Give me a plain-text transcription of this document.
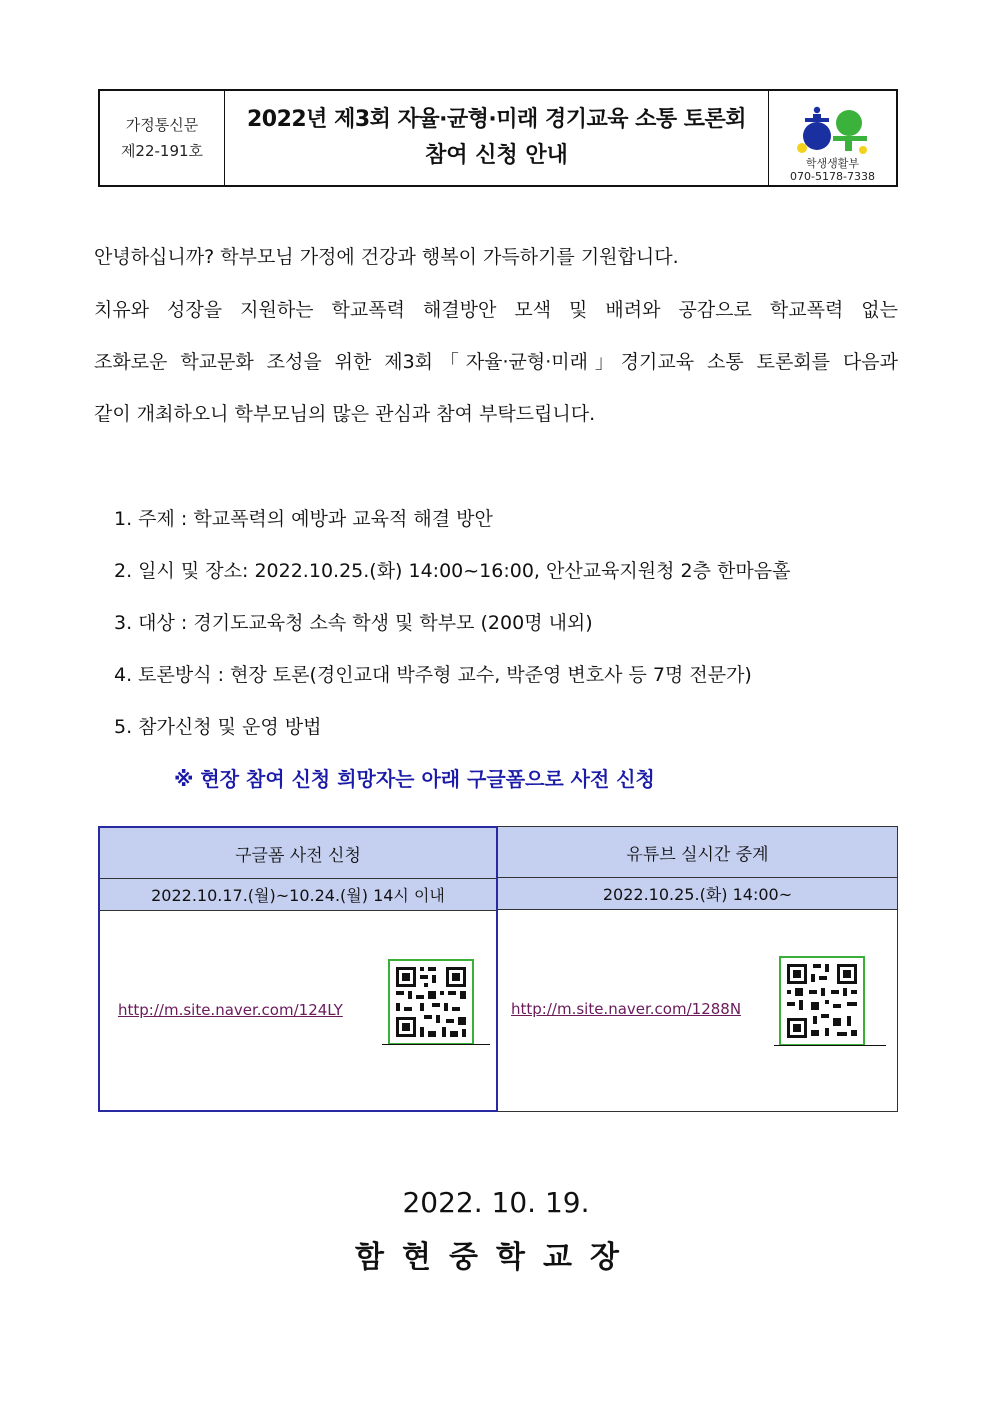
가정통신문
제22-191호
2022년 제3회 자율·균형·미래 경기교육 소통 토론회
참여 신청 안내	학생생활부
070-5178-7338
안녕하십니까? 학부모님 가정에 건강과 행복이 가득하기를 기원합니다.
치유와 성장을 지원하는 학교폭력 해결방안 모색 및 배려와 공감으로 학교폭력 없는
조화로운 학교문화 조성을 위한 제3회「자율·균형·미래」경기교육 소통 토론회를 다음과
같이 개최하오니 학부모님의 많은 관심과 참여 부탁드립니다.
1. 주제 : 학교폭력의 예방과 교육적 해결 방안
2. 일시 및 장소: 2022.10.25.(화) 14:00~16:00, 안산교육지원청 2층 한마음홀
3. 대상 : 경기도교육청 소속 학생 및 학부모 (200명 내외)
4. 토론방식 : 현장 토론(경인교대 박주형 교수, 박준영 변호사 등 7명 전문가)
5. 참가신청 및 운영 방법
※ 현장 참여 신청 희망자는 아래 구글폼으로 사전 신청
구글폼 사전 신청
2022.10.17.(월)~10.24.(월) 14시 이내
http://m.site.naver.com/124LY
유튜브 실시간 중계
2022.10.25.(화) 14:00~
http://m.site.naver.com/1288N
2022. 10. 19.
함현중학교장
